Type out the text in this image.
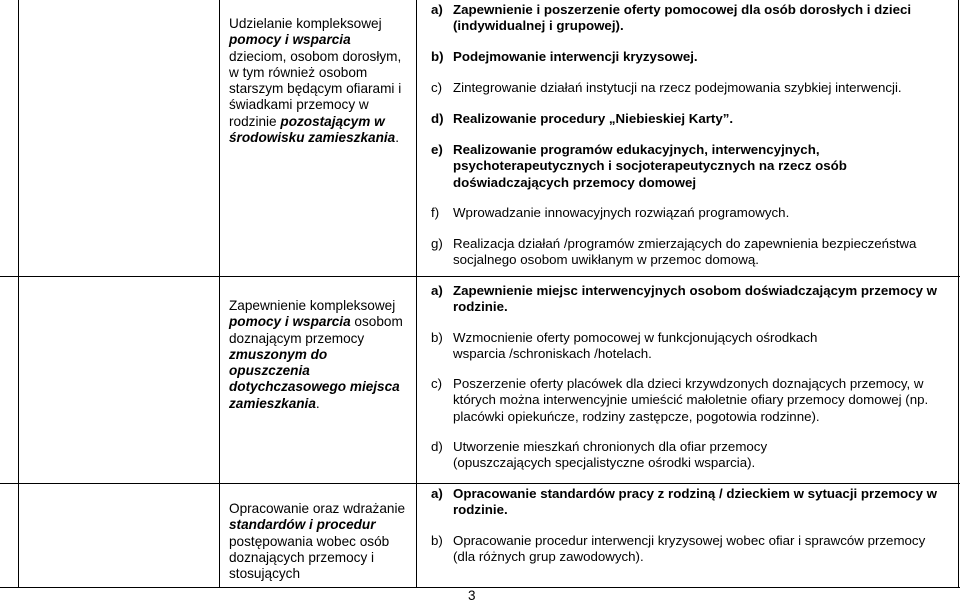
Udzielanie kompleksowej pomocy i wsparcia dzieciom, osobom dorosłym, w tym również osobom starszym będącym ofiarami i świadkami przemocy w rodzinie pozostającym w środowisku zamieszkania.
Zapewnienie kompleksowej pomocy i wsparcia osobom doznającym przemocy zmuszonym do opuszczenia dotychczasowego miejsca zamieszkania.
Opracowanie oraz wdrażanie standardów i procedur postępowania wobec osób doznających przemocy i stosujących
a) Zapewnienie i poszerzenie oferty pomocowej dla osób dorosłych i dzieci (indywidualnej i grupowej).
b) Podejmowanie interwencji kryzysowej.
c) Zintegrowanie działań instytucji na rzecz podejmowania szybkiej interwencji.
d) Realizowanie procedury „Niebieskiej Karty”.
e) Realizowanie programów edukacyjnych, interwencyjnych, psychoterapeutycznych i socjoterapeutycznych na rzecz osób doświadczających przemocy domowej
f)	Wprowadzanie innowacyjnych rozwiązań programowych.
g) Realizacja działań /programów zmierzających do zapewnienia bezpieczeństwa socjalnego osobom uwikłanym w przemoc domową.
a) Zapewnienie miejsc interwencyjnych osobom doświadczającym przemocy w rodzinie.
b) Wzmocnienie oferty pomocowej w funkcjonujących ośrodkach wsparcia /schroniskach /hotelach.
c) Poszerzenie oferty placówek dla dzieci krzywdzonych doznających przemocy, w których można interwencyjnie umieścić małoletnie ofiary przemocy domowej (np. placówki opiekuńcze, rodziny zastępcze, pogotowia rodzinne).
d) Utworzenie mieszkań chronionych dla ofiar przemocy (opuszczających specjalistyczne ośrodki wsparcia).
a) Opracowanie standardów pracy z rodziną / dzieckiem w sytuacji przemocy w rodzinie.
b) Opracowanie procedur interwencji kryzysowej wobec ofiar i sprawców przemocy (dla różnych grup zawodowych).
3
